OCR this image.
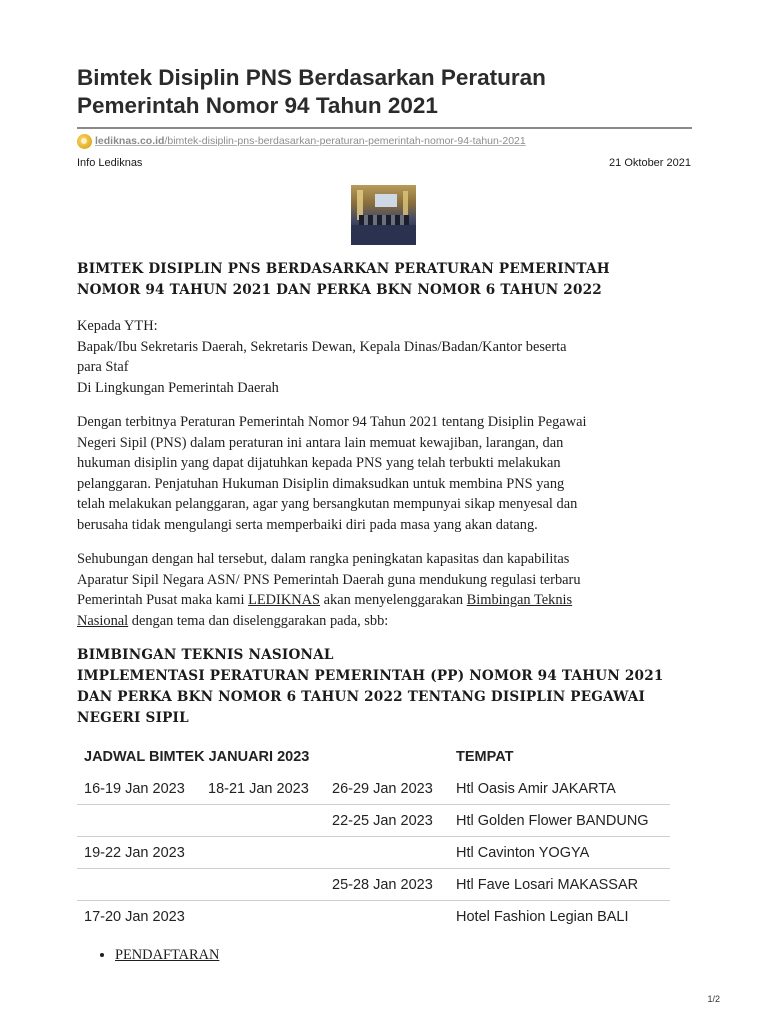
Bimtek Disiplin PNS Berdasarkan Peraturan
Pemerintah Nomor 94 Tahun 2021
lediknas.co.id/bimtek-disiplin-pns-berdasarkan-peraturan-pemerintah-nomor-94-tahun-2021
Info Lediknas	21 Oktober 2021
BIMTEK DISIPLIN PNS BERDASARKAN PERATURAN PEMERINTAH
NOMOR 94 TAHUN 2021 DAN PERKA BKN NOMOR 6 TAHUN 2022

Kepada YTH:
Bapak/Ibu Sekretaris Daerah, Sekretaris Dewan, Kepala Dinas/Badan/Kantor beserta
para Staf
Di Lingkungan Pemerintah Daerah

Dengan terbitnya Peraturan Pemerintah Nomor 94 Tahun 2021 tentang Disiplin Pegawai
Negeri Sipil (PNS) dalam peraturan ini antara lain memuat kewajiban, larangan, dan
hukuman disiplin yang dapat dijatuhkan kepada PNS yang telah terbukti melakukan
pelanggaran. Penjatuhan Hukuman Disiplin dimaksudkan untuk membina PNS yang
telah melakukan pelanggaran, agar yang bersangkutan mempunyai sikap menyesal dan
berusaha tidak mengulangi serta memperbaiki diri pada masa yang akan datang.

Sehubungan dengan hal tersebut, dalam rangka peningkatan kapasitas dan kapabilitas
Aparatur Sipil Negara ASN/ PNS Pemerintah Daerah guna mendukung regulasi terbaru
Pemerintah Pusat maka kami LEDIKNAS akan menyelenggarakan Bimbingan Teknis
Nasional dengan tema dan diselenggarakan pada, sbb:

BIMBINGAN TEKNIS NASIONAL
IMPLEMENTASI PERATURAN PEMERINTAH (PP) NOMOR 94 TAHUN 2021
DAN PERKA BKN NOMOR 6 TAHUN 2022 TENTANG DISIPLIN PEGAWAI
NEGERI SIPIL
JADWAL BIMTEK JANUARI 2023			TEMPAT
16-19 Jan 2023	18-21 Jan 2023	26-29 Jan 2023	Htl Oasis Amir JAKARTA
		22-25 Jan 2023	Htl Golden Flower BANDUNG
19-22 Jan 2023			Htl Cavinton YOGYA
		25-28 Jan 2023	Htl Fave Losari MAKASSAR
17-20 Jan 2023			Hotel Fashion Legian BALI
• PENDAFTARAN
1/2
